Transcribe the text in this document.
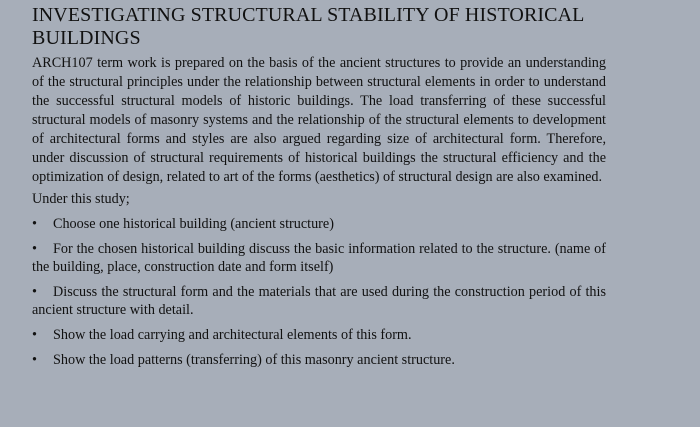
INVESTIGATING STRUCTURAL STABILITY OF HISTORICAL BUILDINGS

ARCH107 term work is prepared on the basis of the ancient structures to provide an understanding of the structural principles under the relationship between structural elements in order to understand the successful structural models of historic buildings. The load transferring of these successful structural models of masonry systems and the relationship of the structural elements to development of architectural forms and styles are also argued regarding size of architectural form. Therefore, under discussion of structural requirements of historical buildings the structural efficiency and the optimization of design, related to art of the forms (aesthetics) of structural design are also examined.

Under this study;
• Choose one historical building (ancient structure)
• For the chosen historical building discuss the basic information related to the structure. (name of the building, place, construction date and form itself)
• Discuss the structural form and the materials that are used during the construction period of this ancient structure with detail.
• Show the load carrying and architectural elements of this form.
• Show the load patterns (transferring) of this masonry ancient structure.
